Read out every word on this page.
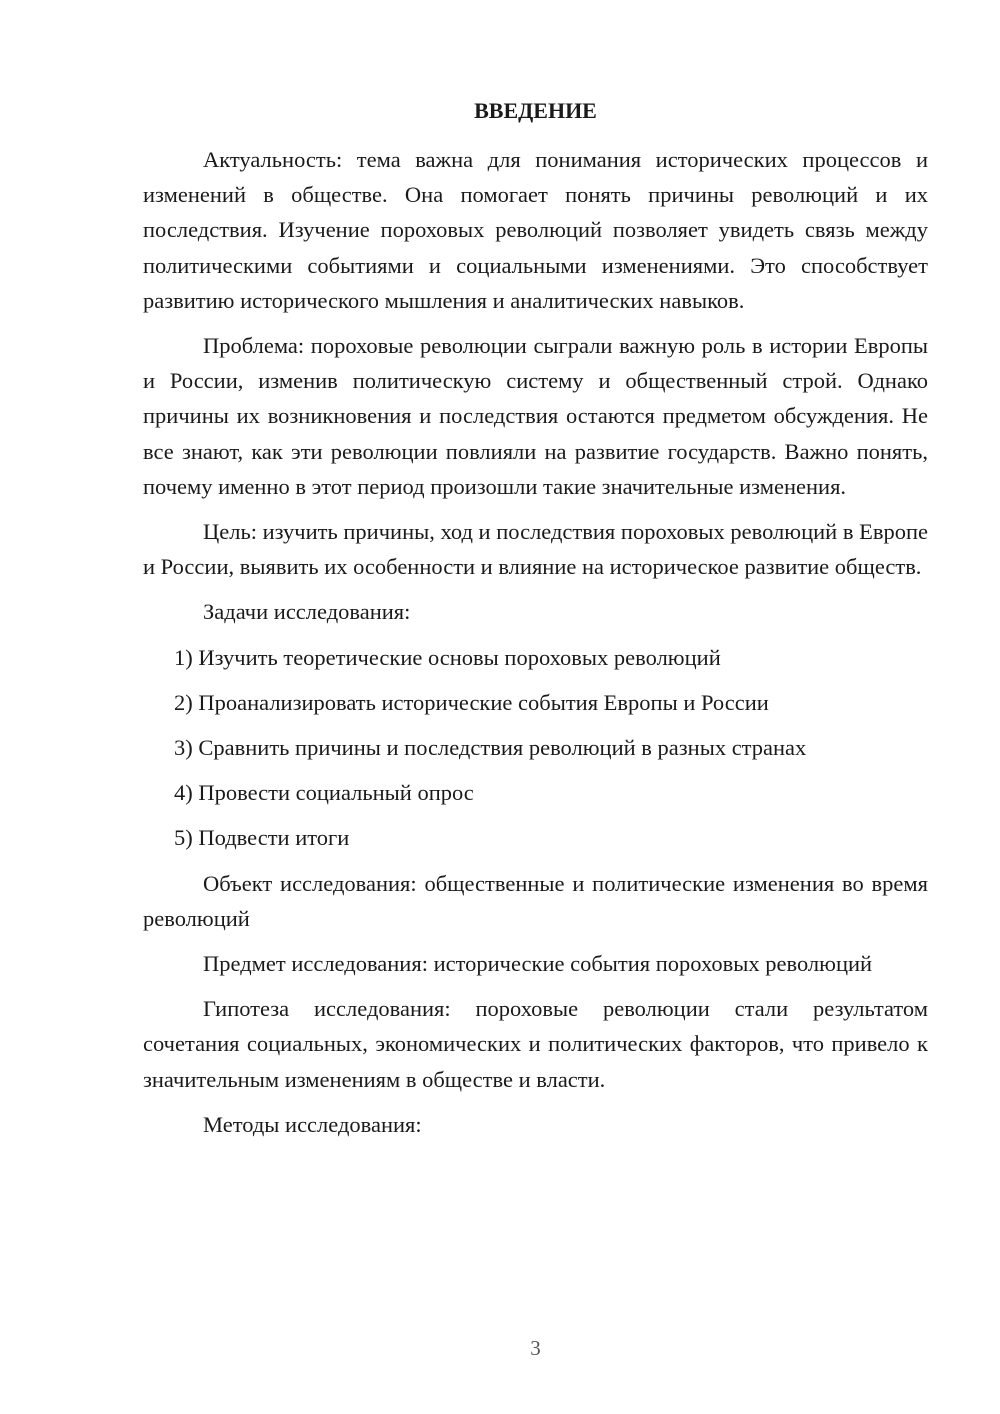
ВВЕДЕНИЕ

Актуальность: тема важна для понимания исторических процессов и изменений в обществе. Она помогает понять причины революций и их последствия. Изучение пороховых революций позволяет увидеть связь между политическими событиями и социальными изменениями. Это способствует развитию исторического мышления и аналитических навыков.

Проблема: пороховые революции сыграли важную роль в истории Европы и России, изменив политическую систему и общественный строй. Однако причины их возникновения и последствия остаются предметом обсуждения. Не все знают, как эти революции повлияли на развитие государств. Важно понять, почему именно в этот период произошли такие значительные изменения.

Цель: изучить причины, ход и последствия пороховых революций в Европе и России, выявить их особенности и влияние на историческое развитие обществ.

Задачи исследования:

1) Изучить теоретические основы пороховых революций
2) Проанализировать исторические события Европы и России
3) Сравнить причины и последствия революций в разных странах
4) Провести социальный опрос
5) Подвести итоги

Объект исследования: общественные и политические изменения во время революций

Предмет исследования: исторические события пороховых революций

Гипотеза исследования: пороховые революции стали результатом сочетания социальных, экономических и политических факторов, что привело к значительным изменениям в обществе и власти.

Методы исследования:

3
